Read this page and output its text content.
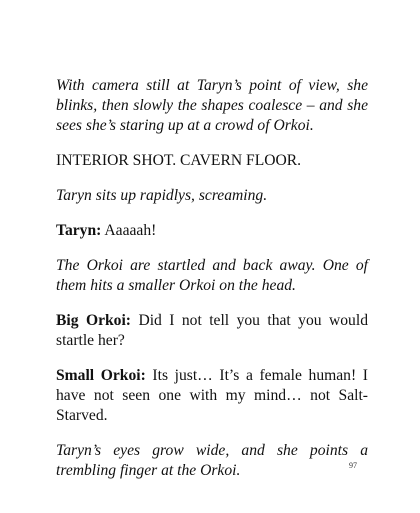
With camera still at Taryn’s point of view, she blinks, then slowly the shapes coalesce – and she sees she’s staring up at a crowd of Orkoi.

INTERIOR SHOT. CAVERN FLOOR.

Taryn sits up rapidlys, screaming.

Taryn: Aaaaah!

The Orkoi are startled and back away. One of them hits a smaller Orkoi on the head.

Big Orkoi: Did I not tell you that you would startle her?

Small Orkoi: Its just… It’s a female human! I have not seen one with my mind… not Salt-Starved.

Taryn’s eyes grow wide, and she points a trembling finger at the Orkoi.	97
